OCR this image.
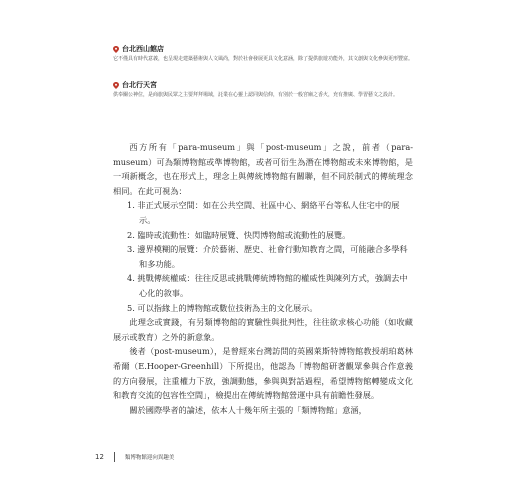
台北西山館店
它不僅具有時代意義，也呈現走建築藝術與人文風尚，對於社會發展更具文化意涵，除了提供旅遊功能外，其文創與文化參與更形豐富。
台北行天宮
供奉關公神位，是商旅與民眾之主要拜拜場域，託業在心靈上認同與信仰，有別於一般宮廟之香火，充有推廣、學習藝文之設計。

西方所有「para-museum」與「post-museum」之說，前者（para-museum）可為類博物館或準博物館，或者可衍生為潛在博物館或未來博物館，是一項新概念，也在形式上，理念上與傳統博物館有關聯，但不同於制式的傳統理念相同。在此可視為：

1. 非正式展示空間：如在公共空間、社區中心、網絡平台等私人住宅中的展示。
2. 臨時或流動性：如臨時展覽、快閃博物館或流動性的展覽。
3. 邊界模糊的展覽：介於藝術、歷史、社會行動知教育之間，可能融合多學科和多功能。
4. 挑戰傳統權威：往往反思或挑戰傳統博物館的權威性與陳列方式，強調去中心化的敘事。
5. 可以指緣上的博物館或數位技術為主的文化展示。

此理念或實踐，有另類博物館的實驗性與批判性，往往欲求核心功能（如收藏展示或教育）之外的新意象。

後者（post-museum），是曾經來台灣訪問的英國萊斯特博物館教授胡珀葛林希爾（E.Hooper-Greenhill）下所提出，他認為「博物館研著觀眾參與合作意義的方向發展，注重權力下放，強調動態，參與與對話過程，希望博物館轉變成文化和教育交流的包容性空間」，檢提出在傳統博物館營運中具有前瞻性發展。

關於國際學者的論述，依本人十幾年所主張的「類博物館」意涵，

12	類博物館迎向異趣美
